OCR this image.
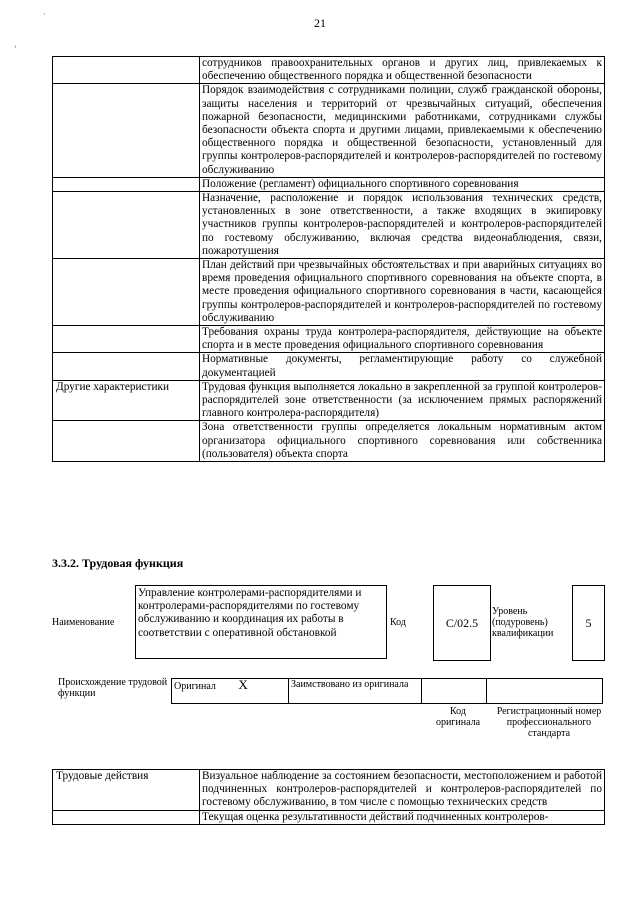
21
·
‘
	сотрудников правоохранительных органов и других лиц, привлекаемых к обеспечению общественного порядка и общественной безопасности
	Порядок взаимодействия с сотрудниками полиции, служб гражданской обороны, защиты населения и территорий от чрезвычайных ситуаций, обеспечения пожарной безопасности, медицинскими работниками, сотрудниками службы безопасности объекта спорта и другими лицами, привлекаемыми к обеспечению общественного порядка и общественной безопасности, установленный для группы контролеров-распорядителей и контролеров-распорядителей по гостевому обслуживанию
	Положение (регламент) официального спортивного соревнования
	Назначение, расположение и порядок использования технических средств, установленных в зоне ответственности, а также входящих в экипировку участников группы контролеров-распорядителей и контролеров-распорядителей по гостевому обслуживанию, включая средства видеонаблюдения, связи, пожаротушения
	План действий при чрезвычайных обстоятельствах и при аварийных ситуациях во время проведения официального спортивного соревнования на объекте спорта, в месте проведения официального спортивного соревнования в части, касающейся группы контролеров-распорядителей и контролеров-распорядителей по гостевому обслуживанию
	Требования охраны труда контролера-распорядителя, действующие на объекте спорта и в месте проведения официального спортивного соревнования
	Нормативные документы, регламентирующие работу со служебной документацией
Другие характеристики	Трудовая функция выполняется локально в закрепленной за группой контролеров-распорядителей зоне ответственности (за исключением прямых распоряжений главного контролера-распорядителя)
	Зона ответственности группы определяется локальным нормативным актом организатора официального спортивного соревнования или собственника (пользователя) объекта спорта
3.3.2. Трудовая функция
Наименование
Управление контролерами-распорядителями и контролерами-распорядителями по гостевому обслуживанию и координация их работы в соответствии с оперативной обстановкой
Код	C/02.5
Уровень (подуровень) квалификации
5
Происхождение трудовой функции
Оригинал X	Заимствовано из оригинала		
Код оригинала
Регистрационный номер профессионального стандарта
Трудовые действия	Визуальное наблюдение за состоянием безопасности, местоположением и работой подчиненных контролеров-распорядителей и контролеров-распорядителей по гостевому обслуживанию, в том числе с помощью технических средств
	Текущая оценка результативности действий подчиненных контролеров-
